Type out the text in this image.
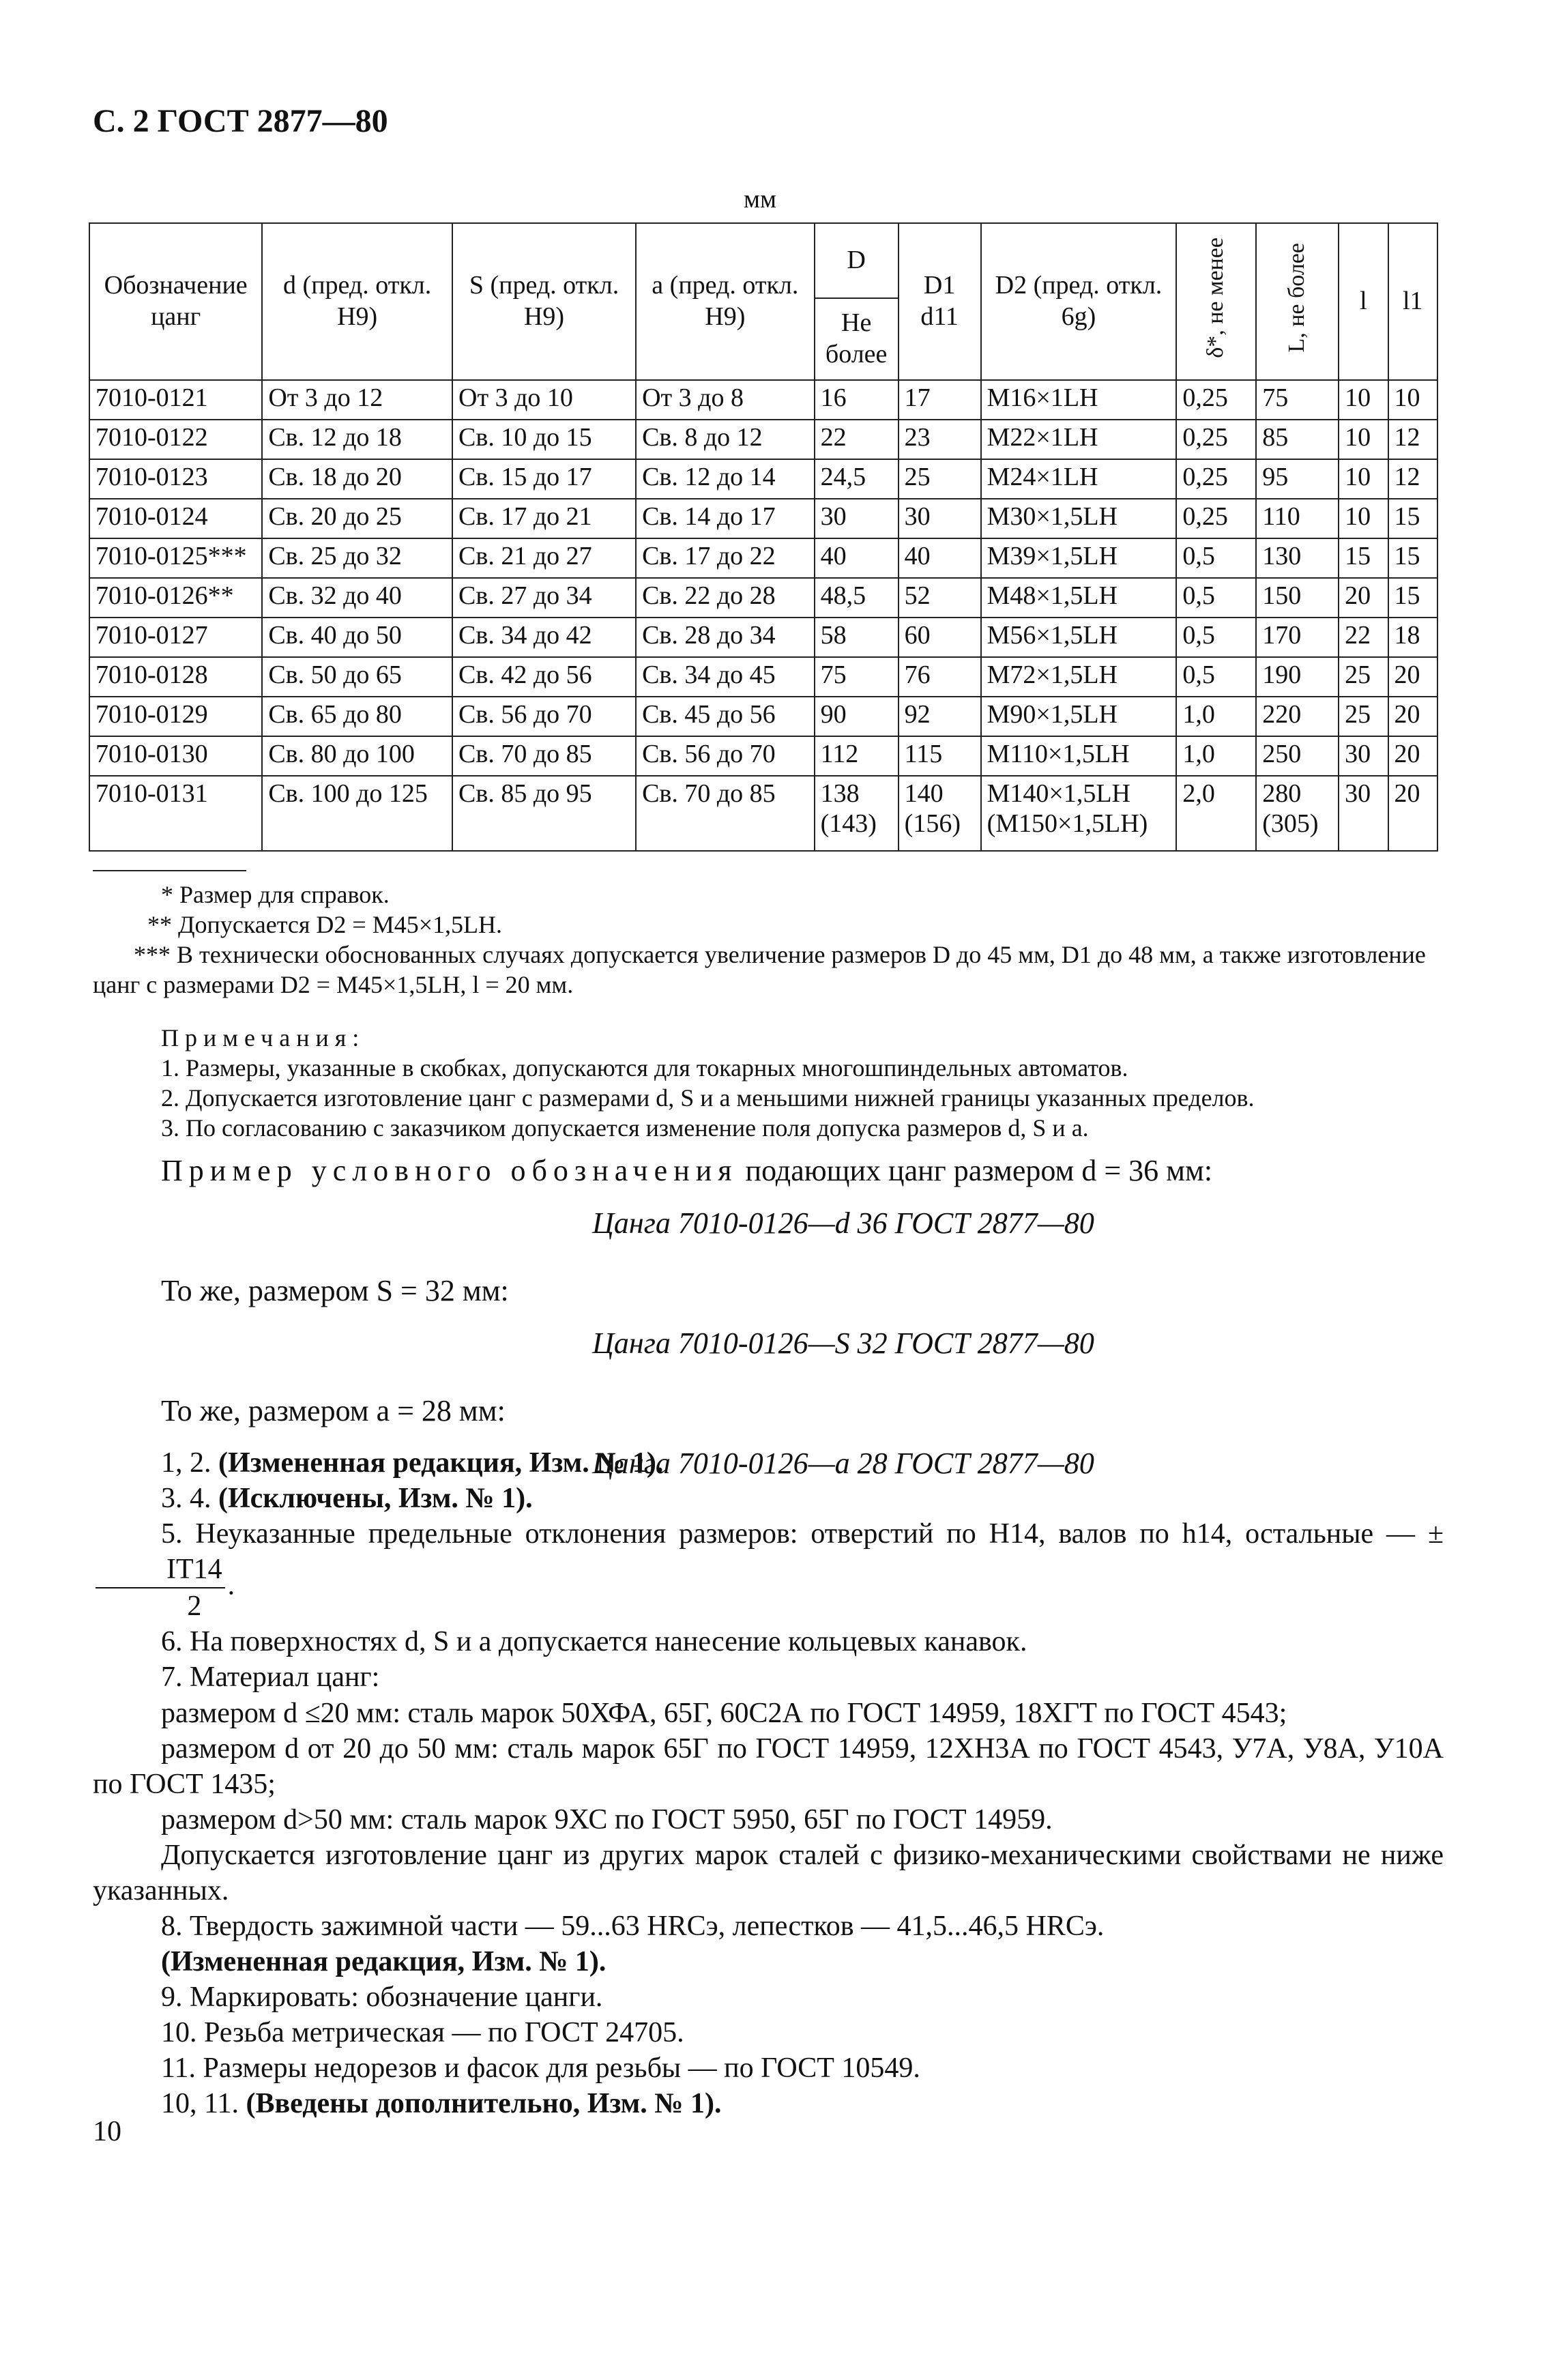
С. 2 ГОСТ 2877—80
мм
Обозначение цанг	d (пред. откл. H9)	S (пред. откл. H9)	a (пред. откл. H9)	D	D1 d11	D2 (пред. откл. 6g)	δ*, не менее	L, не более	l	l1
				Не более						
7010-0121	От 3 до 12	От 3 до 10	От 3 до 8	16	17	M16×1LH	0,25	75	10	10
7010-0122	Св. 12 до 18	Св. 10 до 15	Св. 8 до 12	22	23	M22×1LH	0,25	85	10	12
7010-0123	Св. 18 до 20	Св. 15 до 17	Св. 12 до 14	24,5	25	M24×1LH	0,25	95	10	12
7010-0124	Св. 20 до 25	Св. 17 до 21	Св. 14 до 17	30	30	M30×1,5LH	0,25	110	10	15
7010-0125***	Св. 25 до 32	Св. 21 до 27	Св. 17 до 22	40	40	M39×1,5LH	0,5	130	15	15
7010-0126**	Св. 32 до 40	Св. 27 до 34	Св. 22 до 28	48,5	52	M48×1,5LH	0,5	150	20	15
7010-0127	Св. 40 до 50	Св. 34 до 42	Св. 28 до 34	58	60	M56×1,5LH	0,5	170	22	18
7010-0128	Св. 50 до 65	Св. 42 до 56	Св. 34 до 45	75	76	M72×1,5LH	0,5	190	25	20
7010-0129	Св. 65 до 80	Св. 56 до 70	Св. 45 до 56	90	92	M90×1,5LH	1,0	220	25	20
7010-0130	Св. 80 до 100	Св. 70 до 85	Св. 56 до 70	112	115	M110×1,5LH	1,0	250	30	20
7010-0131	Св. 100 до 125	Св. 85 до 95	Св. 70 до 85	138 (143)	140 (156)	M140×1,5LH (M150×1,5LH)	2,0	280 (305)	30	20

* Размер для справок.

** Допускается D2 = M45×1,5LH.

*** В технически обоснованных случаях допускается увеличение размеров D до 45 мм, D1 до 48 мм, а также изготовление цанг с размерами D2 = M45×1,5LH, l = 20 мм.

Примечания:

1. Размеры, указанные в скобках, допускаются для токарных многошпиндельных автоматов.

2. Допускается изготовление цанг с размерами d, S и a меньшими нижней границы указанных пределов.

3. По согласованию с заказчиком допускается изменение поля допуска размеров d, S и a.

Пример условного обозначения подающих цанг размером d = 36 мм:

Цанга 7010-0126—d 36 ГОСТ 2877—80

То же, размером S = 32 мм:

Цанга 7010-0126—S 32 ГОСТ 2877—80

То же, размером a = 28 мм:

Цанга 7010-0126—a 28 ГОСТ 2877—80

1, 2. (Измененная редакция, Изм. № 1).

3. 4. (Исключены, Изм. № 1).

5. Неуказанные предельные отклонения размеров: отверстий по H14, валов по h14, остальные — ±
$\frac{IT14}{2}$ .

6. На поверхностях d, S и a допускается нанесение кольцевых канавок.

7. Материал цанг:

размером d ≤20 мм: сталь марок 50ХФА, 65Г, 60С2А по ГОСТ 14959, 18ХГТ по ГОСТ 4543;

размером d от 20 до 50 мм: сталь марок 65Г по ГОСТ 14959, 12ХН3А по ГОСТ 4543, У7А, У8А, У10А по ГОСТ 1435;

размером d>50 мм: сталь марок 9ХС по ГОСТ 5950, 65Г по ГОСТ 14959.

Допускается изготовление цанг из других марок сталей с физико-механическими свойствами не ниже указанных.

8. Твердость зажимной части — 59...63 HRCэ, лепестков — 41,5...46,5 HRCэ.

(Измененная редакция, Изм. № 1).

9. Маркировать: обозначение цанги.

10. Резьба метрическая — по ГОСТ 24705.

11. Размеры недорезов и фасок для резьбы — по ГОСТ 10549.

10, 11. (Введены дополнительно, Изм. № 1).

10
